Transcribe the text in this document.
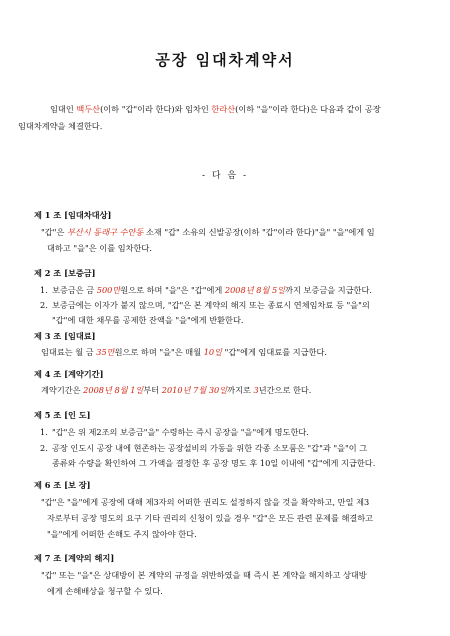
공장 임대차계약서
임대인 백두산(이하 "갑"이라 한다)와 임차인 한라산(이하 "을"이라 한다)은 다음과 같이 공장
임대차계약을 체결한다.
- 다 음 -
제 1 조 [임대차대상]
"갑"은 부산시 동래구 수안동 소재 "갑" 소유의 신발공장(이하 "갑"이라 한다)"을" "을"에게 임
대하고 "을"은 이를 임차한다.
제 2 조 [보증금]
1. 보증금은 금 500만원으로 하며 "을"은 "갑"에게 2008년 8월 5일까지 보증금을 지급한다.
2. 보증금에는 이자가 붙지 않으며, "갑"은 본 계약의 해지 또는 종료시 연체임차료 등 "을"의
"갑"에 대한 채무를 공제한 잔액을 "을"에게 반환한다.
제 3 조 [임대료]
임대료는 월 금 35만원으로 하며 "을"은 매월 10일 "갑"에게 임대료를 지급한다.
제 4 조 [계약기간]
계약기간은 2008년 8월 1일부터 2010년 7월 30일까지로 3년간으로 한다.
제 5 조 [인 도]
1. "갑"은 위 제2조의 보증금"을" 수령하는 즉시 공장을 "을"에게 명도한다.
2. 공장 인도시 공장 내에 현존하는 공장설비의 가동을 위한 각종 소모품은 "갑"과 "을"이 그
종류와 수량을 확인하여 그 가액을 결정한 후 공장 명도 후 10일 이내에 "갑"에게 지급한다.
제 6 조 [보 장]
"갑"은 "을"에게 공장에 대해 제3자의 어떠한 권리도 설정하지 않을 것을 확약하고, 만일 제3
자로부터 공장 명도의 요구 기타 권리의 신청이 있을 경우 "갑"은 모든 관련 문제를 해결하고
"을"에게 어떠한 손해도 주지 않아야 한다.
제 7 조 [계약의 해지]
"갑" 또는 "을"은 상대방이 본 계약의 규정을 위반하였을 때 즉시 본 계약을 해지하고 상대방
에게 손해배상을 청구할 수 있다.
